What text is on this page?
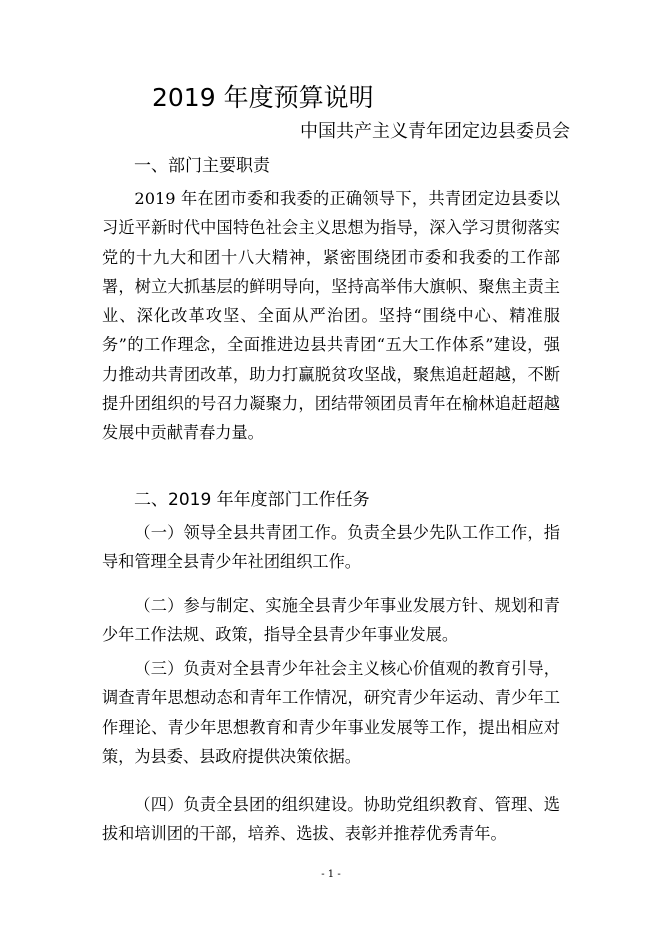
2019 年度预算说明
中国共产主义青年团定边县委员会
一、部门主要职责

2019 年在团市委和我委的正确领导下，共青团定边县委以习近平新时代中国特色社会主义思想为指导，深入学习贯彻落实党的十九大和团十八大精神，紧密围绕团市委和我委的工作部署，树立大抓基层的鲜明导向，坚持高举伟大旗帜、聚焦主责主业、深化改革攻坚、全面从严治团。坚持“围绕中心、精准服务”的工作理念，全面推进边县共青团“五大工作体系”建设，强力推动共青团改革，助力打赢脱贫攻坚战，聚焦追赶超越，不断提升团组织的号召力凝聚力，团结带领团员青年在榆林追赶超越发展中贡献青春力量。

二、2019 年年度部门工作任务

（一）领导全县共青团工作。负责全县少先队工作工作，指导和管理全县青少年社团组织工作。

（二）参与制定、实施全县青少年事业发展方针、规划和青少年工作法规、政策，指导全县青少年事业发展。

（三）负责对全县青少年社会主义核心价值观的教育引导，调查青年思想动态和青年工作情况，研究青少年运动、青少年工作理论、青少年思想教育和青少年事业发展等工作，提出相应对策，为县委、县政府提供决策依据。

（四）负责全县团的组织建设。协助党组织教育、管理、选拔和培训团的干部，培养、选拔、表彰并推荐优秀青年。

- 1 -
